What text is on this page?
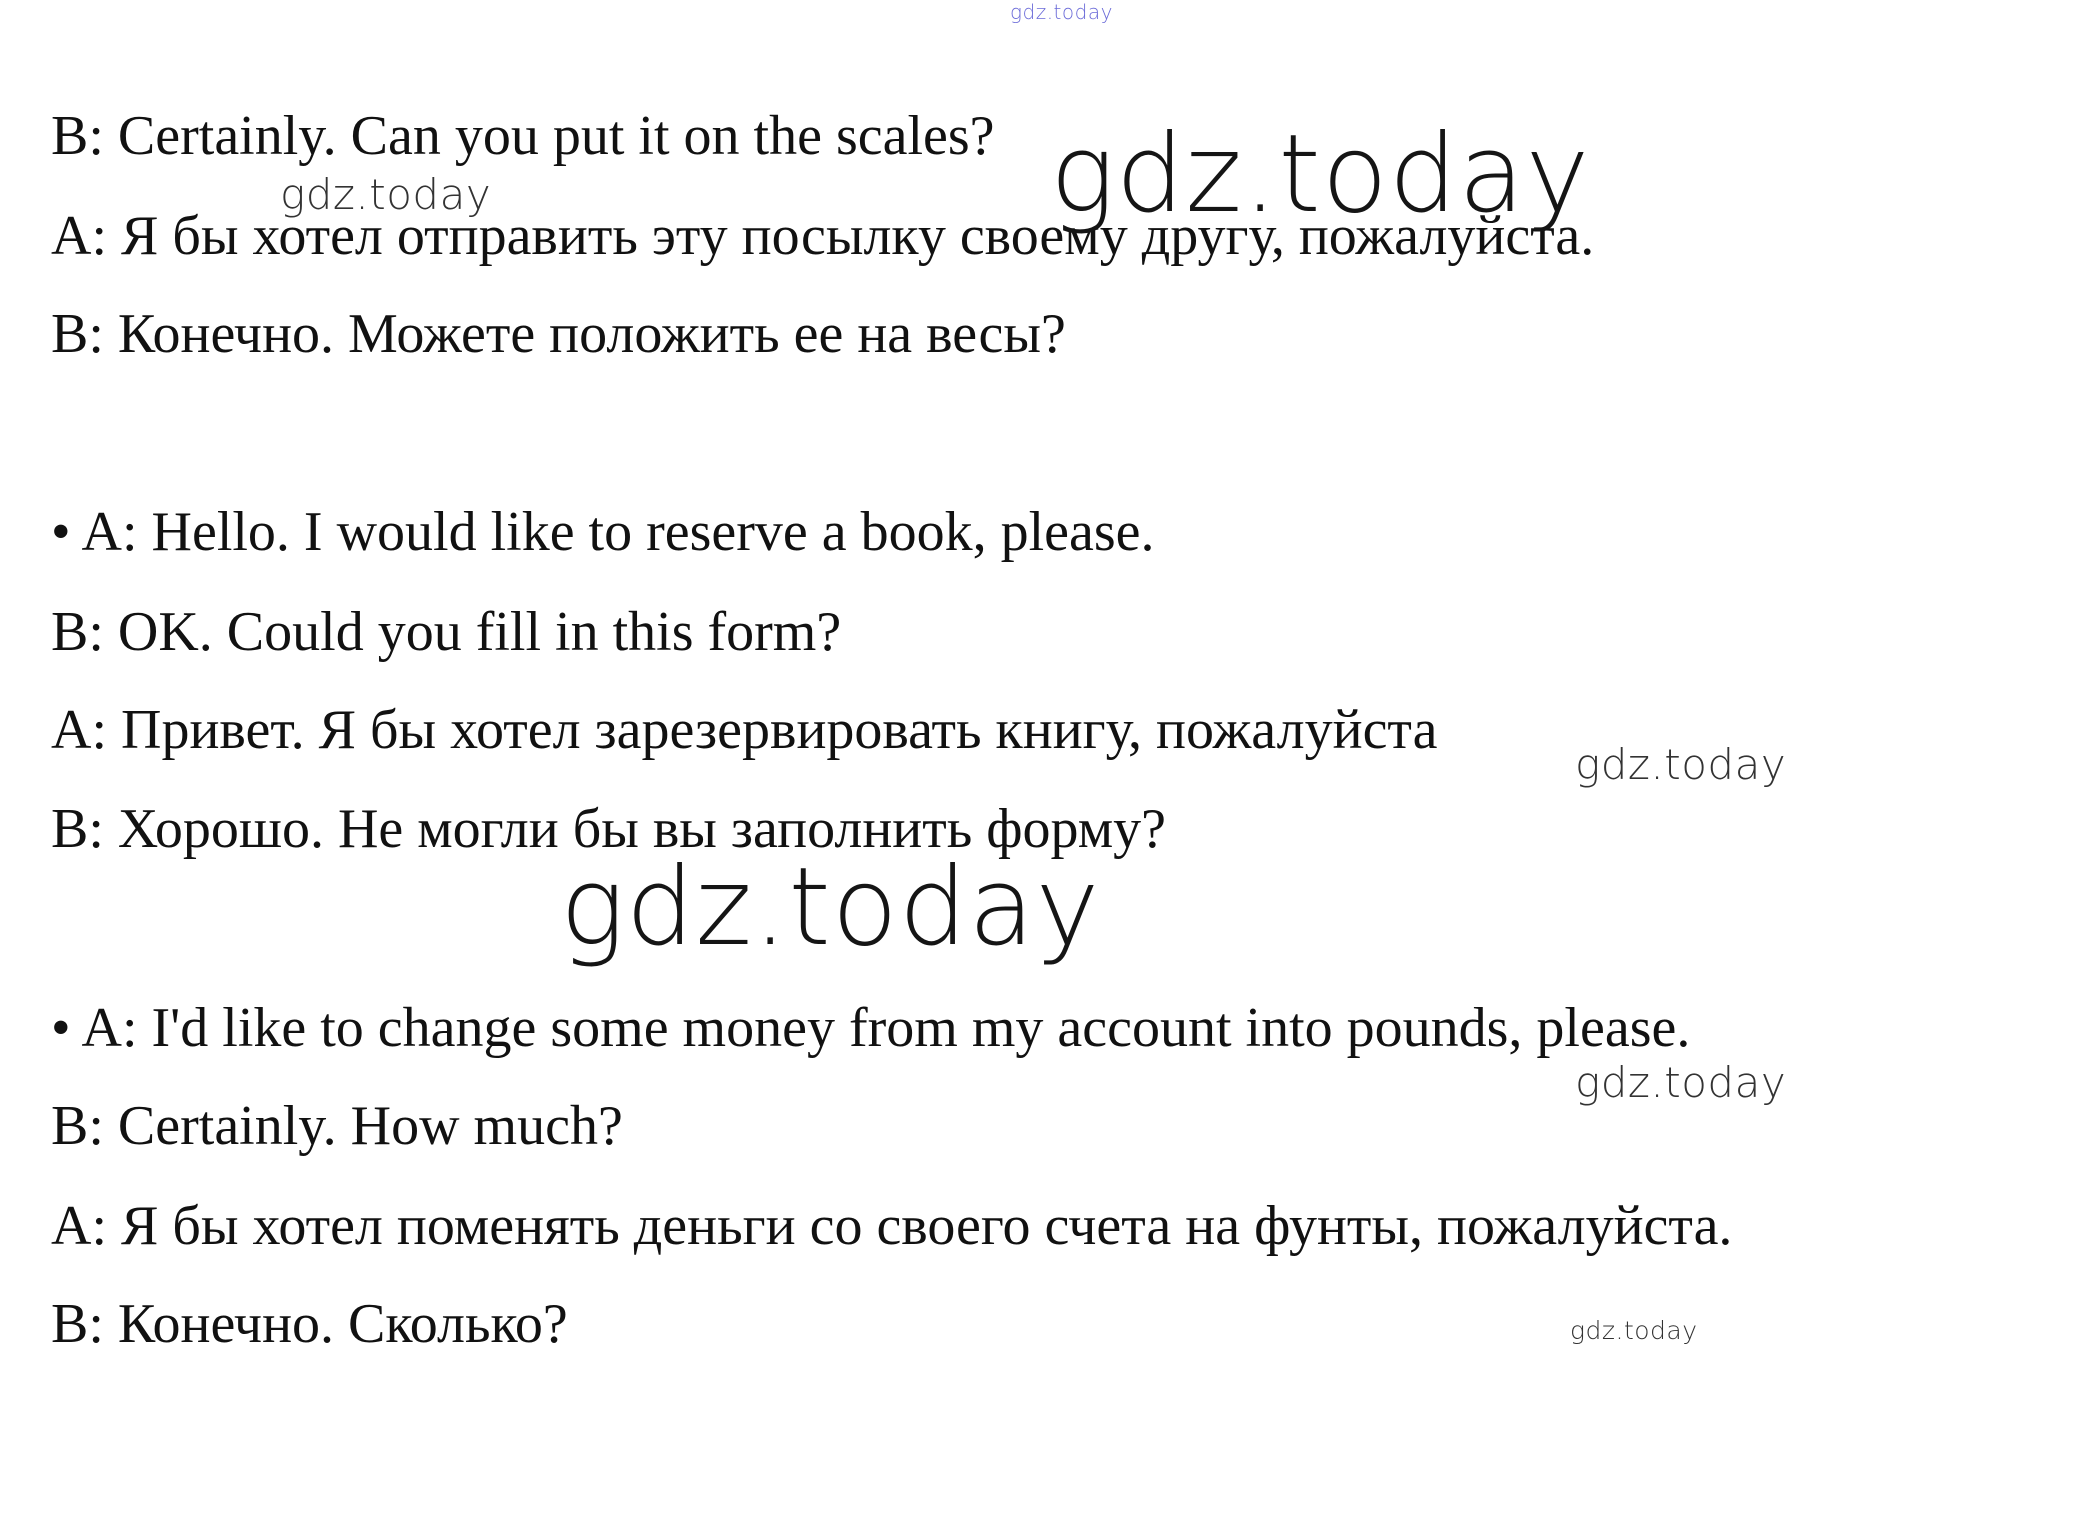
gdz.today

B: Certainly. Can you put it on the scales?

A: Я бы хотел отправить эту посылку своему другу, пожалуйста.

B: Конечно. Можете положить ее на весы?

• A: Hello. I would like to reserve a book, please.

B: OK. Could you fill in this form?

A: Привет. Я бы хотел зарезервировать книгу, пожалуйста

B: Хорошо. Не могли бы вы заполнить форму?

• A: I'd like to change some money from my account into pounds, please.

B: Certainly. How much?

A: Я бы хотел поменять деньги со своего счета на фунты, пожалуйста.

B: Конечно. Сколько?

gdz.today

gdz.today

gdz.today

gdz.today

gdz.today

gdz.today
